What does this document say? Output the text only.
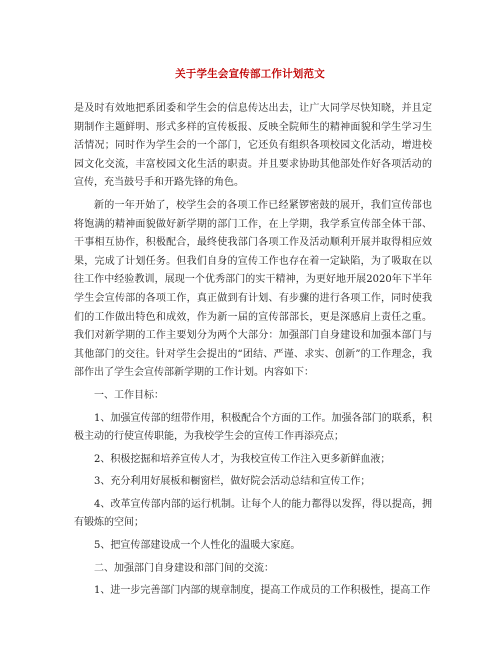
关于学生会宣传部工作计划范文

是及时有效地把系团委和学生会的信息传达出去，让广大同学尽快知晓，并且定期制作主题鲜明、形式多样的宣传板报、反映全院师生的精神面貌和学生学习生活情况；同时作为学生会的一个部门，它还负有组织各项校园文化活动，增进校园文化交流，丰富校园文化生活的职责。并且要求协助其他部处作好各项活动的宣传，充当鼓号手和开路先锋的角色。

新的一年开始了，校学生会的各项工作已经紧锣密鼓的展开，我们宣传部也将饱满的精神面貌做好新学期的部门工作，在上学期，我学系宣传部全体干部、干事相互协作，积极配合，最终使我部门各项工作及活动顺利开展并取得相应效果，完成了计划任务。但我们自身的宣传工作也存在着一定缺陷，为了吸取在以往工作中经验教训，展现一个优秀部门的实干精神，为更好地开展2020年下半年学生会宣传部的各项工作，真正做到有计划、有步骤的进行各项工作，同时使我们的工作做出特色和成效，作为新一届的宣传部部长，更是深感肩上责任之重。我们对新学期的工作主要划分为两个大部分：加强部门自身建设和加强本部门与其他部门的交往。针对学生会提出的“团结、严谨、求实、创新”的工作理念，我部作出了学生会宣传部新学期的工作计划。内容如下：

一、工作目标：

1、加强宣传部的纽带作用，积极配合个方面的工作。加强各部门的联系，积极主动的行使宣传职能，为我校学生会的宣传工作再添亮点；

2、积极挖掘和培养宣传人才，为我校宣传工作注入更多新鲜血液；

3、充分利用好展板和橱窗栏，做好院会活动总结和宣传工作；

4、改革宣传部内部的运行机制。让每个人的能力都得以发挥，得以提高，拥有锻炼的空间；

5、把宣传部建设成一个人性化的温暖大家庭。

二、加强部门自身建设和部门间的交流：

1、进一步完善部门内部的规章制度，提高工作成员的工作积极性，提高工作
